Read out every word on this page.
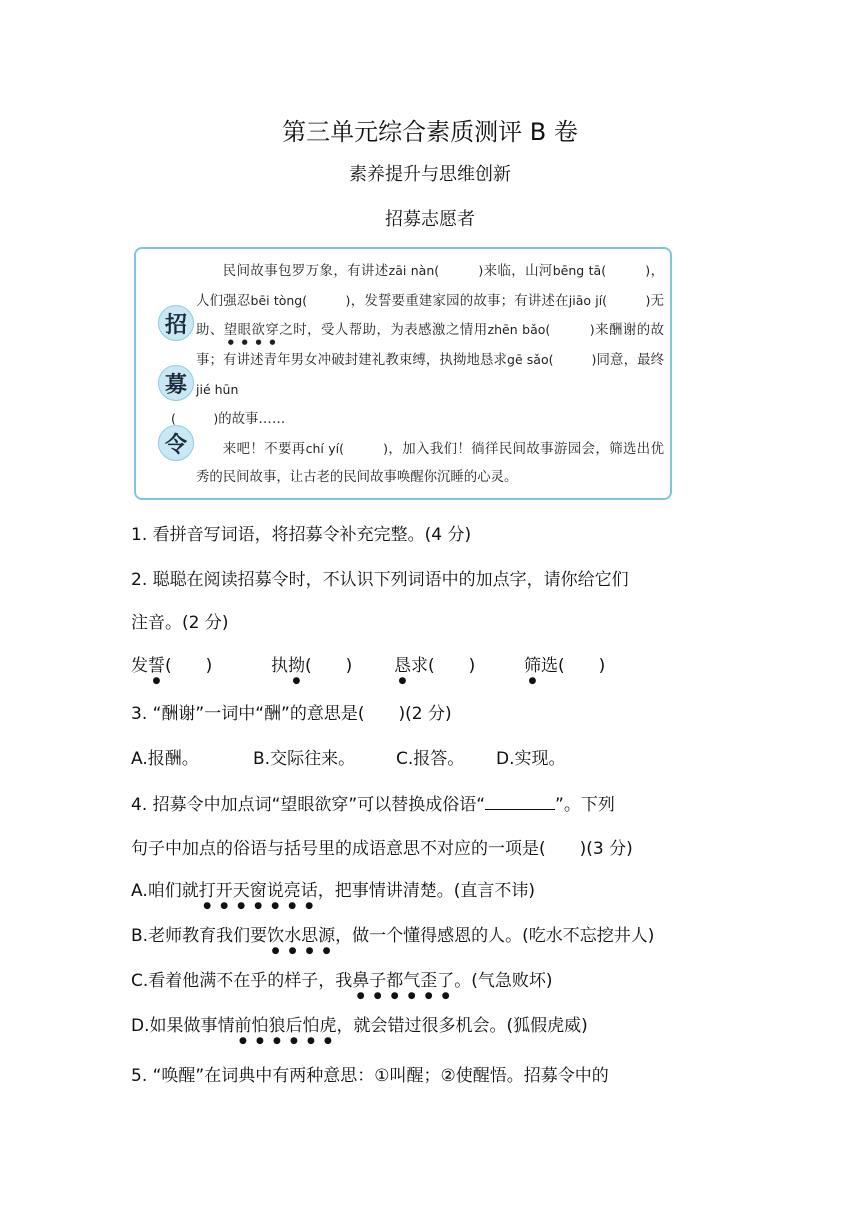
第三单元综合素质测评 B 卷
素养提升与思维创新
招募志愿者
招
募
令

民间故事包罗万象，有讲述zāi nàn(　　　)来临，山河bēng tā(　　　)，人们强忍bēi tòng(　　　)，发誓要重建家园的故事；有讲述在jiāo jí(　　　)无助、望眼欲穿之时，受人帮助，为表感激之情用zhēn bǎo(　　　)来酬谢的故事；有讲述青年男女冲破封建礼教束缚，执拗地恳求gē sǎo(　　　)同意，最终jié hūn
(　　　)的故事……

来吧！不要再chí yí(　　　)，加入我们！徜徉民间故事游园会，筛选出优秀的民间故事，让古老的民间故事唤醒你沉睡的心灵。

1. 看拼音写词语，将招募令补充完整。(4 分)
2. 聪聪在阅读招募令时，不认识下列词语中的加点字，请你给它们
注音。(2 分)
发誓(　　)	执拗(　　) 恳求(　　)	筛选(　　)
3. “酬谢”一词中“酬”的意思是(　　)(2 分)
A.报酬。	B.交际往来。 C.报答。 D.实现。
4. 招募令中加点词“望眼欲穿”可以替换成俗语“	”。下列
句子中加点的俗语与括号里的成语意思不对应的一项是(　　)(3 分)
A.咱们就打开天窗说亮话，把事情讲清楚。(直言不讳)
B.老师教育我们要饮水思源，做一个懂得感恩的人。(吃水不忘挖井人)
C.看着他满不在乎的样子，我鼻子都气歪了。(气急败坏)
D.如果做事情前怕狼后怕虎，就会错过很多机会。(狐假虎威)
5. “唤醒”在词典中有两种意思：①叫醒；②使醒悟。招募令中的
